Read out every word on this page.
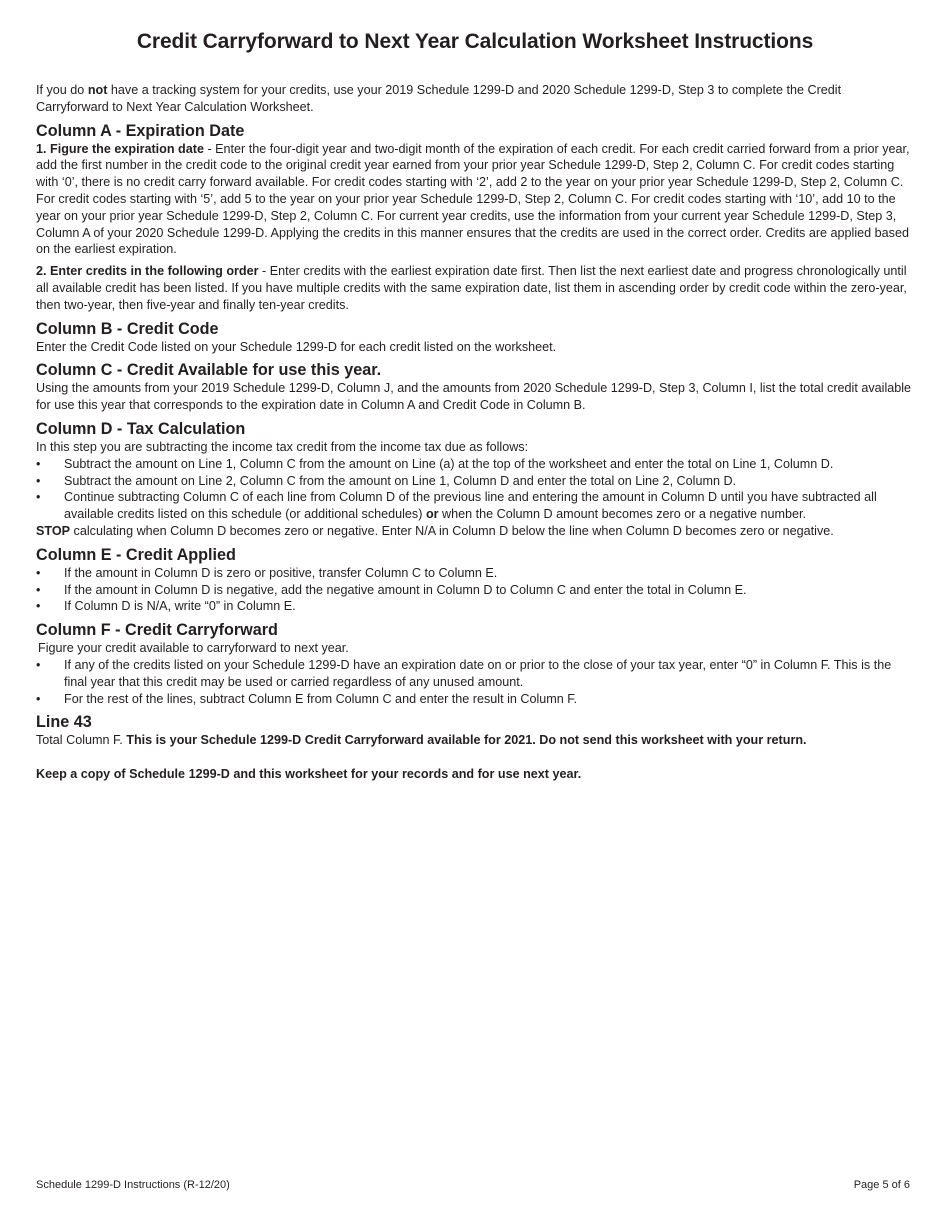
Credit Carryforward to Next Year Calculation Worksheet Instructions

If you do not have a tracking system for your credits, use your 2019 Schedule 1299-D and 2020 Schedule 1299-D, Step 3 to complete the Credit Carryforward to Next Year Calculation Worksheet.

Column A - Expiration Date

1. Figure the expiration date - Enter the four-digit year and two-digit month of the expiration of each credit. For each credit carried forward from a prior year, add the first number in the credit code to the original credit year earned from your prior year Schedule 1299-D, Step 2, Column C. For credit codes starting with ‘0’, there is no credit carry forward available. For credit codes starting with ‘2’, add 2 to the year on your prior year Schedule 1299-D, Step 2, Column C. For credit codes starting with ‘5’, add 5 to the year on your prior year Schedule 1299-D, Step 2, Column C. For credit codes starting with ‘10’, add 10 to the year on your prior year Schedule 1299-D, Step 2, Column C. For current year credits, use the information from your current year Schedule 1299-D, Step 3, Column A of your 2020 Schedule 1299-D. Applying the credits in this manner ensures that the credits are used in the correct order. Credits are applied based on the earliest expiration.

2. Enter credits in the following order - Enter credits with the earliest expiration date first. Then list the next earliest date and progress chronologically until all available credit has been listed. If you have multiple credits with the same expiration date, list them in ascending order by credit code within the zero-year, then two-year, then five-year and finally ten-year credits.

Column B - Credit Code

Enter the Credit Code listed on your Schedule 1299-D for each credit listed on the worksheet.

Column C - Credit Available for use this year.

Using the amounts from your 2019 Schedule 1299-D, Column J, and the amounts from 2020 Schedule 1299-D, Step 3, Column I, list the total credit available for use this year that corresponds to the expiration date in Column A and Credit Code in Column B.

Column D - Tax Calculation

In this step you are subtracting the income tax credit from the income tax due as follows:

• Subtract the amount on Line 1, Column C from the amount on Line (a) at the top of the worksheet and enter the total on Line 1, Column D.
• Subtract the amount on Line 2, Column C from the amount on Line 1, Column D and enter the total on Line 2, Column D.
• Continue subtracting Column C of each line from Column D of the previous line and entering the amount in Column D until you have subtracted all available credits listed on this schedule (or additional schedules) or when the Column D amount becomes zero or a negative number.

STOP calculating when Column D becomes zero or negative. Enter N/A in Column D below the line when Column D becomes zero or negative.

Column E - Credit Applied
• If the amount in Column D is zero or positive, transfer Column C to Column E.
• If the amount in Column D is negative, add the negative amount in Column D to Column C and enter the total in Column E.
• If Column D is N/A, write “0” in Column E.
Column F - Credit Carryforward

Figure your credit available to carryforward to next year.

• If any of the credits listed on your Schedule 1299-D have an expiration date on or prior to the close of your tax year, enter “0” in Column F. This is the final year that this credit may be used or carried regardless of any unused amount.
• For the rest of the lines, subtract Column E from Column C and enter the result in Column F.
Line 43

Total Column F. This is your Schedule 1299-D Credit Carryforward available for 2021. Do not send this worksheet with your return.

Keep a copy of Schedule 1299-D and this worksheet for your records and for use next year.

Schedule 1299-D Instructions (R-12/20)	Page 5 of 6
